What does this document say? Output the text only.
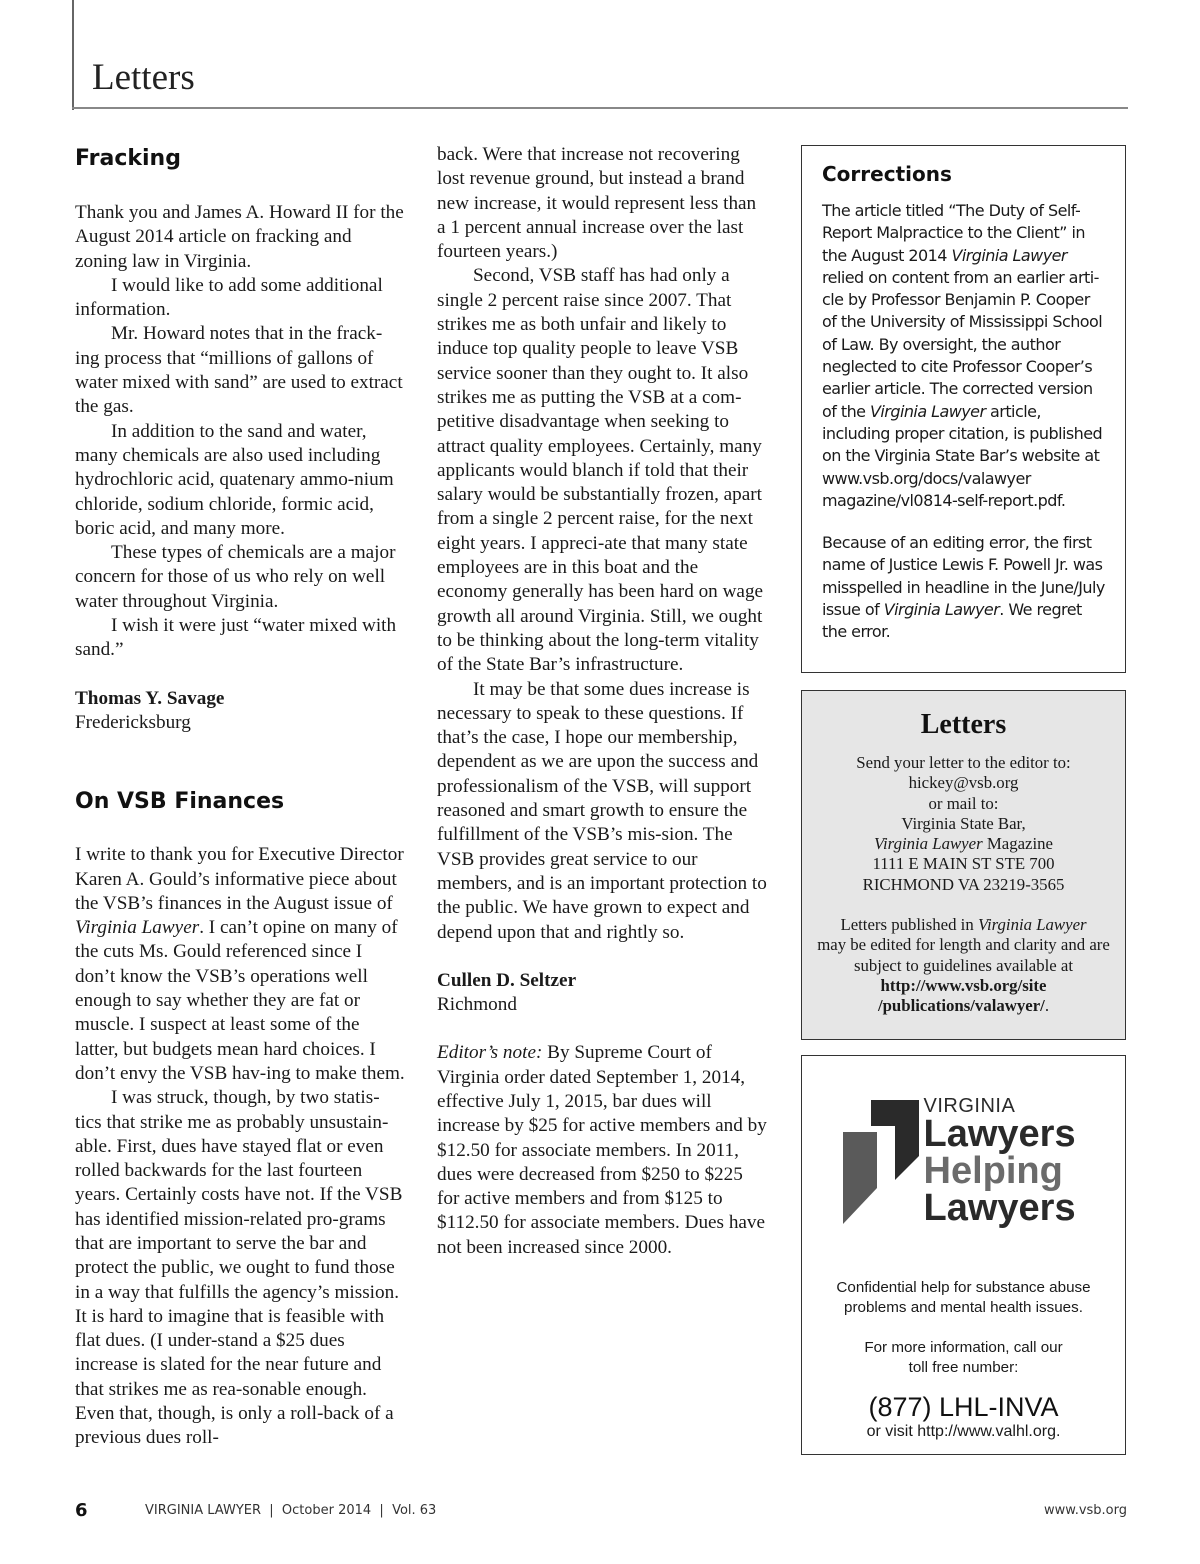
Letters
Fracking

Thank you and James A. Howard II for the August 2014 article on fracking and zoning law in Virginia.

I would like to add some additional information.

Mr. Howard notes that in the frack-ing process that “millions of gallons of water mixed with sand” are used to extract the gas.

In addition to the sand and water, many chemicals are also used including hydrochloric acid, quatenary ammo-nium chloride, sodium chloride, formic acid, boric acid, and many more.

These types of chemicals are a major concern for those of us who rely on well water throughout Virginia.

I wish it were just “water mixed with sand.”

Thomas Y. Savage

Fredericksburg

On VSB Finances

I write to thank you for Executive Director Karen A. Gould’s informative piece about the VSB’s finances in the August issue of Virginia Lawyer. I can’t opine on many of the cuts Ms. Gould referenced since I don’t know the VSB’s operations well enough to say whether they are fat or muscle. I suspect at least some of the latter, but budgets mean hard choices. I don’t envy the VSB hav-ing to make them.

I was struck, though, by two statis-tics that strike me as probably unsustain-able. First, dues have stayed flat or even rolled backwards for the last fourteen years. Certainly costs have not. If the VSB has identified mission-related pro-grams that are important to serve the bar and protect the public, we ought to fund those in a way that fulfills the agency’s mission. It is hard to imagine that is feasible with flat dues. (I under-stand a $25 dues increase is slated for the near future and that strikes me as rea-sonable enough. Even that, though, is only a roll-back of a previous dues roll-

back. Were that increase not recovering lost revenue ground, but instead a brand new increase, it would represent less than a 1 percent annual increase over the last fourteen years.)

Second, VSB staff has had only a single 2 percent raise since 2007. That strikes me as both unfair and likely to induce top quality people to leave VSB service sooner than they ought to. It also strikes me as putting the VSB at a com-petitive disadvantage when seeking to attract quality employees. Certainly, many applicants would blanch if told that their salary would be substantially frozen, apart from a single 2 percent raise, for the next eight years. I appreci-ate that many state employees are in this boat and the economy generally has been hard on wage growth all around Virginia. Still, we ought to be thinking about the long-term vitality of the State Bar’s infrastructure.

It may be that some dues increase is necessary to speak to these questions. If that’s the case, I hope our membership, dependent as we are upon the success and professionalism of the VSB, will support reasoned and smart growth to ensure the fulfillment of the VSB’s mis-sion. The VSB provides great service to our members, and is an important protection to the public. We have grown to expect and depend upon that and rightly so.

Cullen D. Seltzer

Richmond

Editor’s note: By Supreme Court of Virginia order dated September 1, 2014, effective July 1, 2015, bar dues will increase by $25 for active members and by $12.50 for associate members. In 2011, dues were decreased from $250 to $225 for active members and from $125 to $112.50 for associate members. Dues have not been increased since 2000.

Corrections

The article titled “The Duty of Self-Report Malpractice to the Client” in the August 2014 Virginia Lawyer relied on content from an earlier arti-cle by Professor Benjamin P. Cooper of the University of Mississippi School of Law. By oversight, the author neglected to cite Professor Cooper’s earlier article. The corrected version of the Virginia Lawyer article, including proper citation, is published on the Virginia State Bar’s website at www.vsb.org/docs/valawyer magazine/vl0814-self-report.pdf.

Because of an editing error, the first name of Justice Lewis F. Powell Jr. was misspelled in headline in the June/July issue of Virginia Lawyer. We regret the error.

Letters

Send your letter to the editor to:

hickey@vsb.org

or mail to:

Virginia State Bar,

Virginia Lawyer Magazine

1111 E MAIN ST STE 700

RICHMOND VA 23219-3565

Letters published in Virginia Lawyer

may be edited for length and clarity and are subject to guidelines available at

http://www.vsb.org/site

/publications/valawyer/.

VIRGINIA
Lawyers
Helping
Lawyers

Confidential help for substance abuse

problems and mental health issues.

For more information, call our

toll free number:

(877) LHL-INVA

or visit http://www.valhl.org.

6	VIRGINIA LAWYER  |  October 2014  |  Vol. 63	www.vsb.org
